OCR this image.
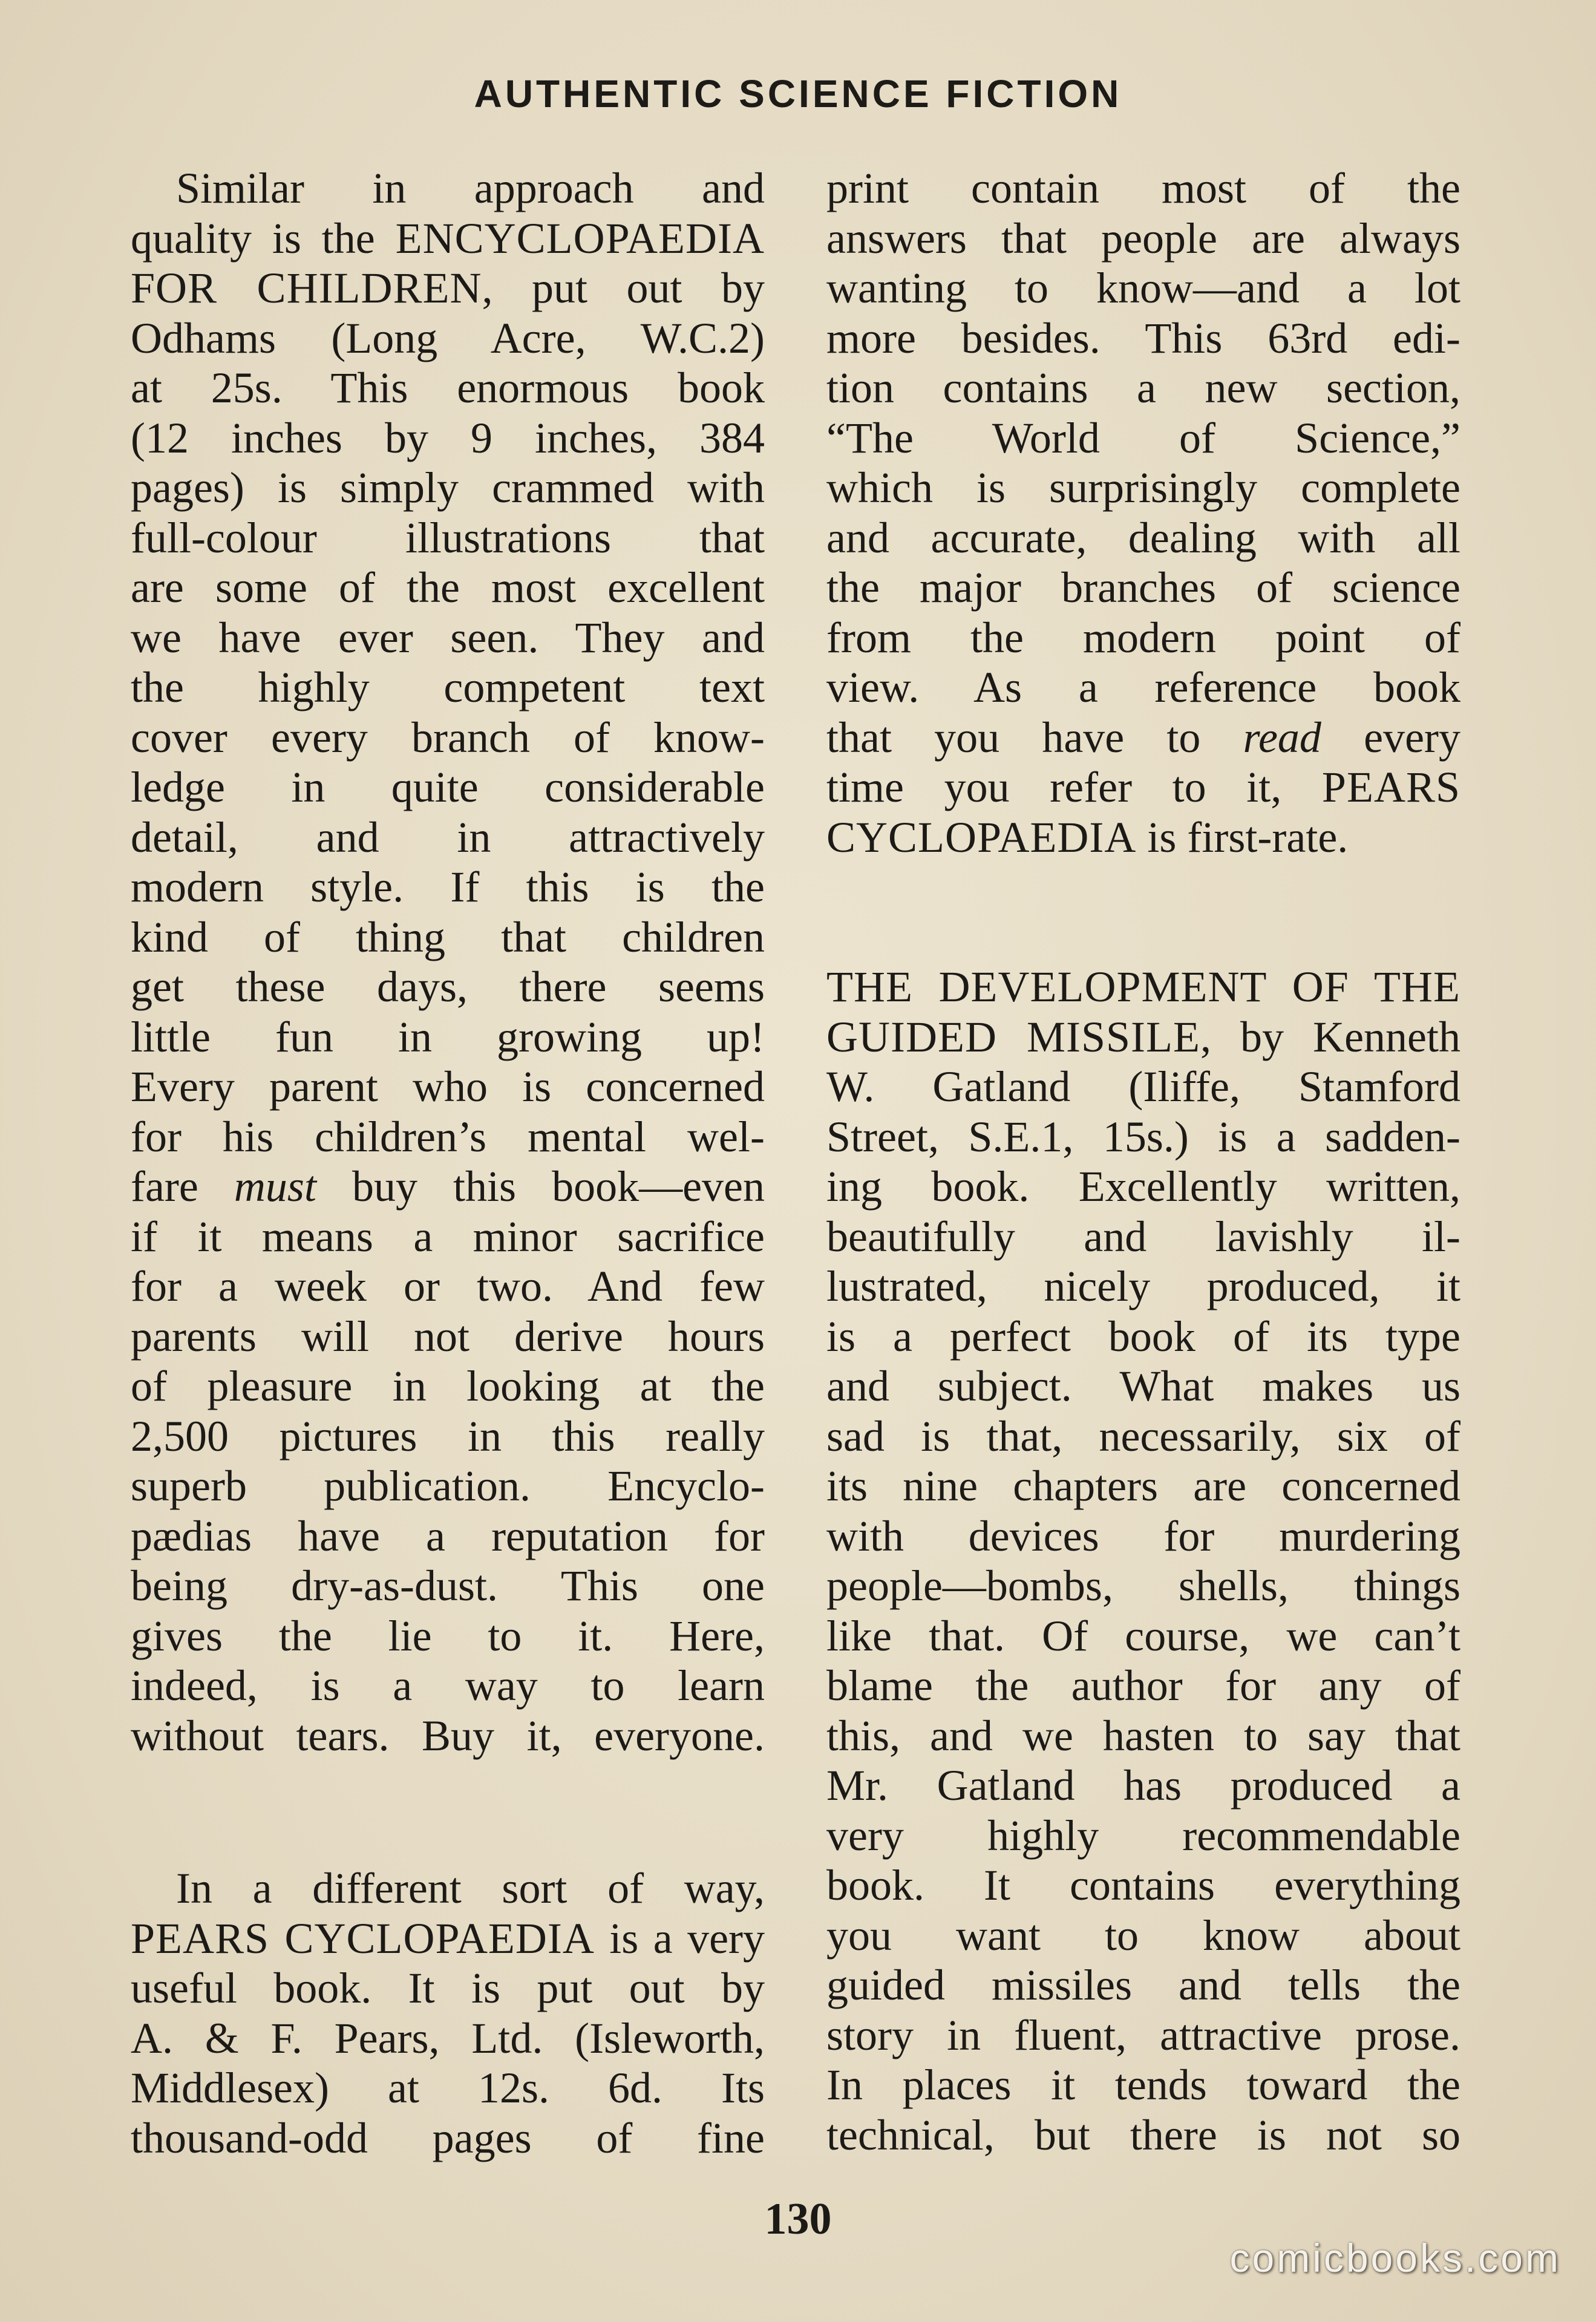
AUTHENTIC SCIENCE FICTION
Similar in approach and
quality is the ENCYCLOPAEDIA
FOR CHILDREN, put out by
Odhams (Long Acre, W.C.2)
at 25s. This enormous book
(12 inches by 9 inches, 384
pages) is simply crammed with
full-colour illustrations that
are some of the most excellent
we have ever seen. They and
the highly competent text
cover every branch of know-
ledge in quite considerable
detail, and in attractively
modern style. If this is the
kind of thing that children
get these days, there seems
little fun in growing up!
Every parent who is concerned
for his children’s mental wel-
fare must buy this book—even
if it means a minor sacrifice
for a week or two. And few
parents will not derive hours
of pleasure in looking at the
2,500 pictures in this really
superb publication. Encyclo-
pædias have a reputation for
being dry-as-dust. This one
gives the lie to it. Here,
indeed, is a way to learn
without tears. Buy it, everyone.
In a different sort of way,
PEARS CYCLOPAEDIA is a very
useful book. It is put out by
A. & F. Pears, Ltd. (Isleworth,
Middlesex) at 12s. 6d. Its
thousand-odd pages of fine
print contain most of the
answers that people are always
wanting to know—and a lot
more besides. This 63rd edi-
tion contains a new section,
“The World of Science,”
which is surprisingly complete
and accurate, dealing with all
the major branches of science
from the modern point of
view. As a reference book
that you have to read every
time you refer to it, PEARS
CYCLOPAEDIA is first-rate.
THE DEVELOPMENT OF THE
GUIDED MISSILE, by Kenneth
W. Gatland (Iliffe, Stamford
Street, S.E.1, 15s.) is a sadden-
ing book. Excellently written,
beautifully and lavishly il-
lustrated, nicely produced, it
is a perfect book of its type
and subject. What makes us
sad is that, necessarily, six of
its nine chapters are concerned
with devices for murdering
people—bombs, shells, things
like that. Of course, we can’t
blame the author for any of
this, and we hasten to say that
Mr. Gatland has produced a
very highly recommendable
book. It contains everything
you want to know about
guided missiles and tells the
story in fluent, attractive prose.
In places it tends toward the
technical, but there is not so
130
comicbooks.com
